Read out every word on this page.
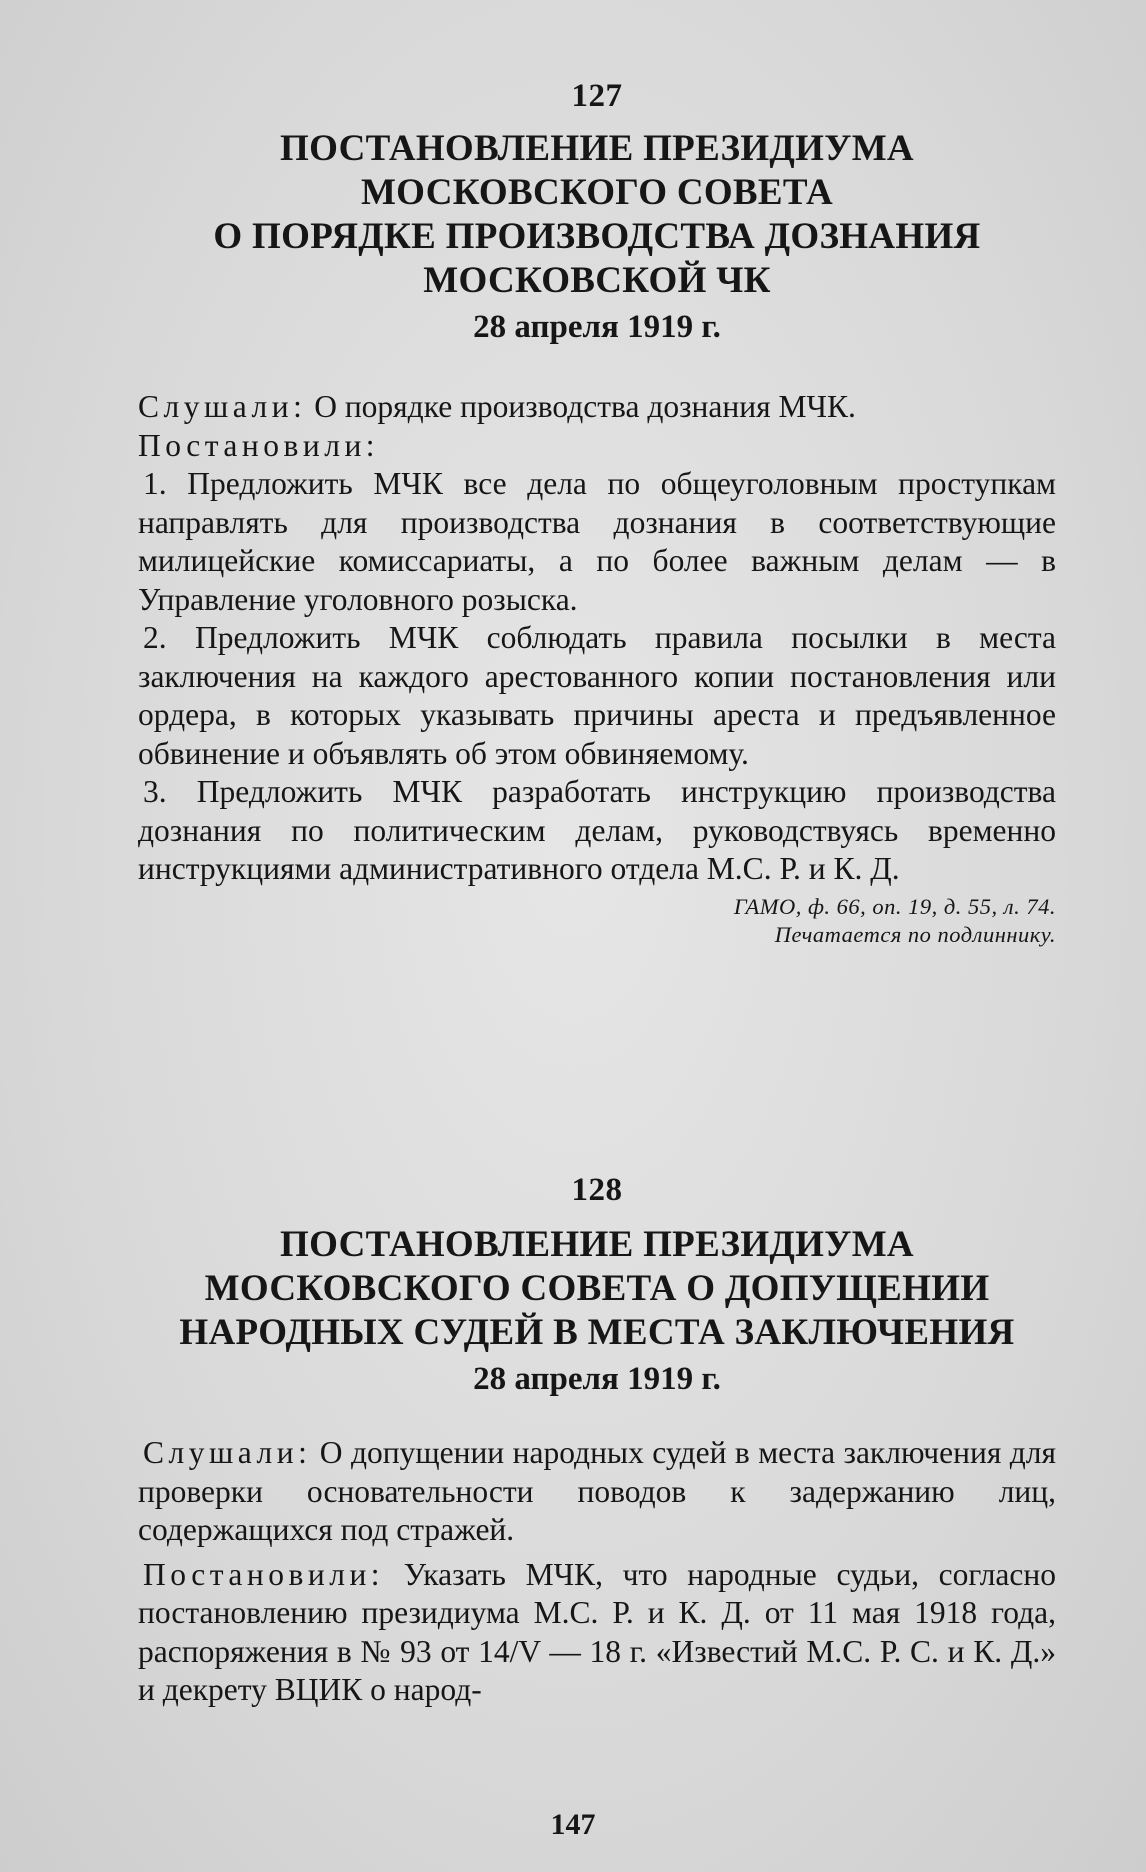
127
ПОСТАНОВЛЕНИЕ ПРЕЗИДИУМА
МОСКОВСКОГО СОВЕТА
О ПОРЯДКЕ ПРОИЗВОДСТВА ДОЗНАНИЯ
МОСКОВСКОЙ ЧК
28 апреля 1919 г.
Слушали: О порядке производства дознания МЧК.
Постановили:
1. Предложить МЧК все дела по общеуголовным проступкам направлять для производства дознания в соответствующие милицейские комиссариаты, а по более важным делам — в Управление уголовного розыска.
2. Предложить МЧК соблюдать правила посылки в места заключения на каждого арестованного копии постановления или ордера, в которых указывать причины ареста и предъявленное обвинение и объявлять об этом обвиняемому.
3. Предложить МЧК разработать инструкцию производства дознания по политическим делам, руководствуясь временно инструкциями административного отдела М.С. Р. и К. Д.
ГАМО, ф. 66, оп. 19, д. 55, л. 74.
Печатается по подлиннику.
128
ПОСТАНОВЛЕНИЕ ПРЕЗИДИУМА
МОСКОВСКОГО СОВЕТА О ДОПУЩЕНИИ
НАРОДНЫХ СУДЕЙ В МЕСТА ЗАКЛЮЧЕНИЯ
28 апреля 1919 г.
Слушали: О допущении народных судей в места заключения для проверки основательности поводов к задержанию лиц, содержащихся под стражей.
Постановили: Указать МЧК, что народные судьи, согласно постановлению президиума М.С. Р. и К. Д. от 11 мая 1918 года, распоряжения в № 93 от 14/V — 18 г. «Известий М.С. Р. С. и К. Д.» и декрету ВЦИК о народ-
147
